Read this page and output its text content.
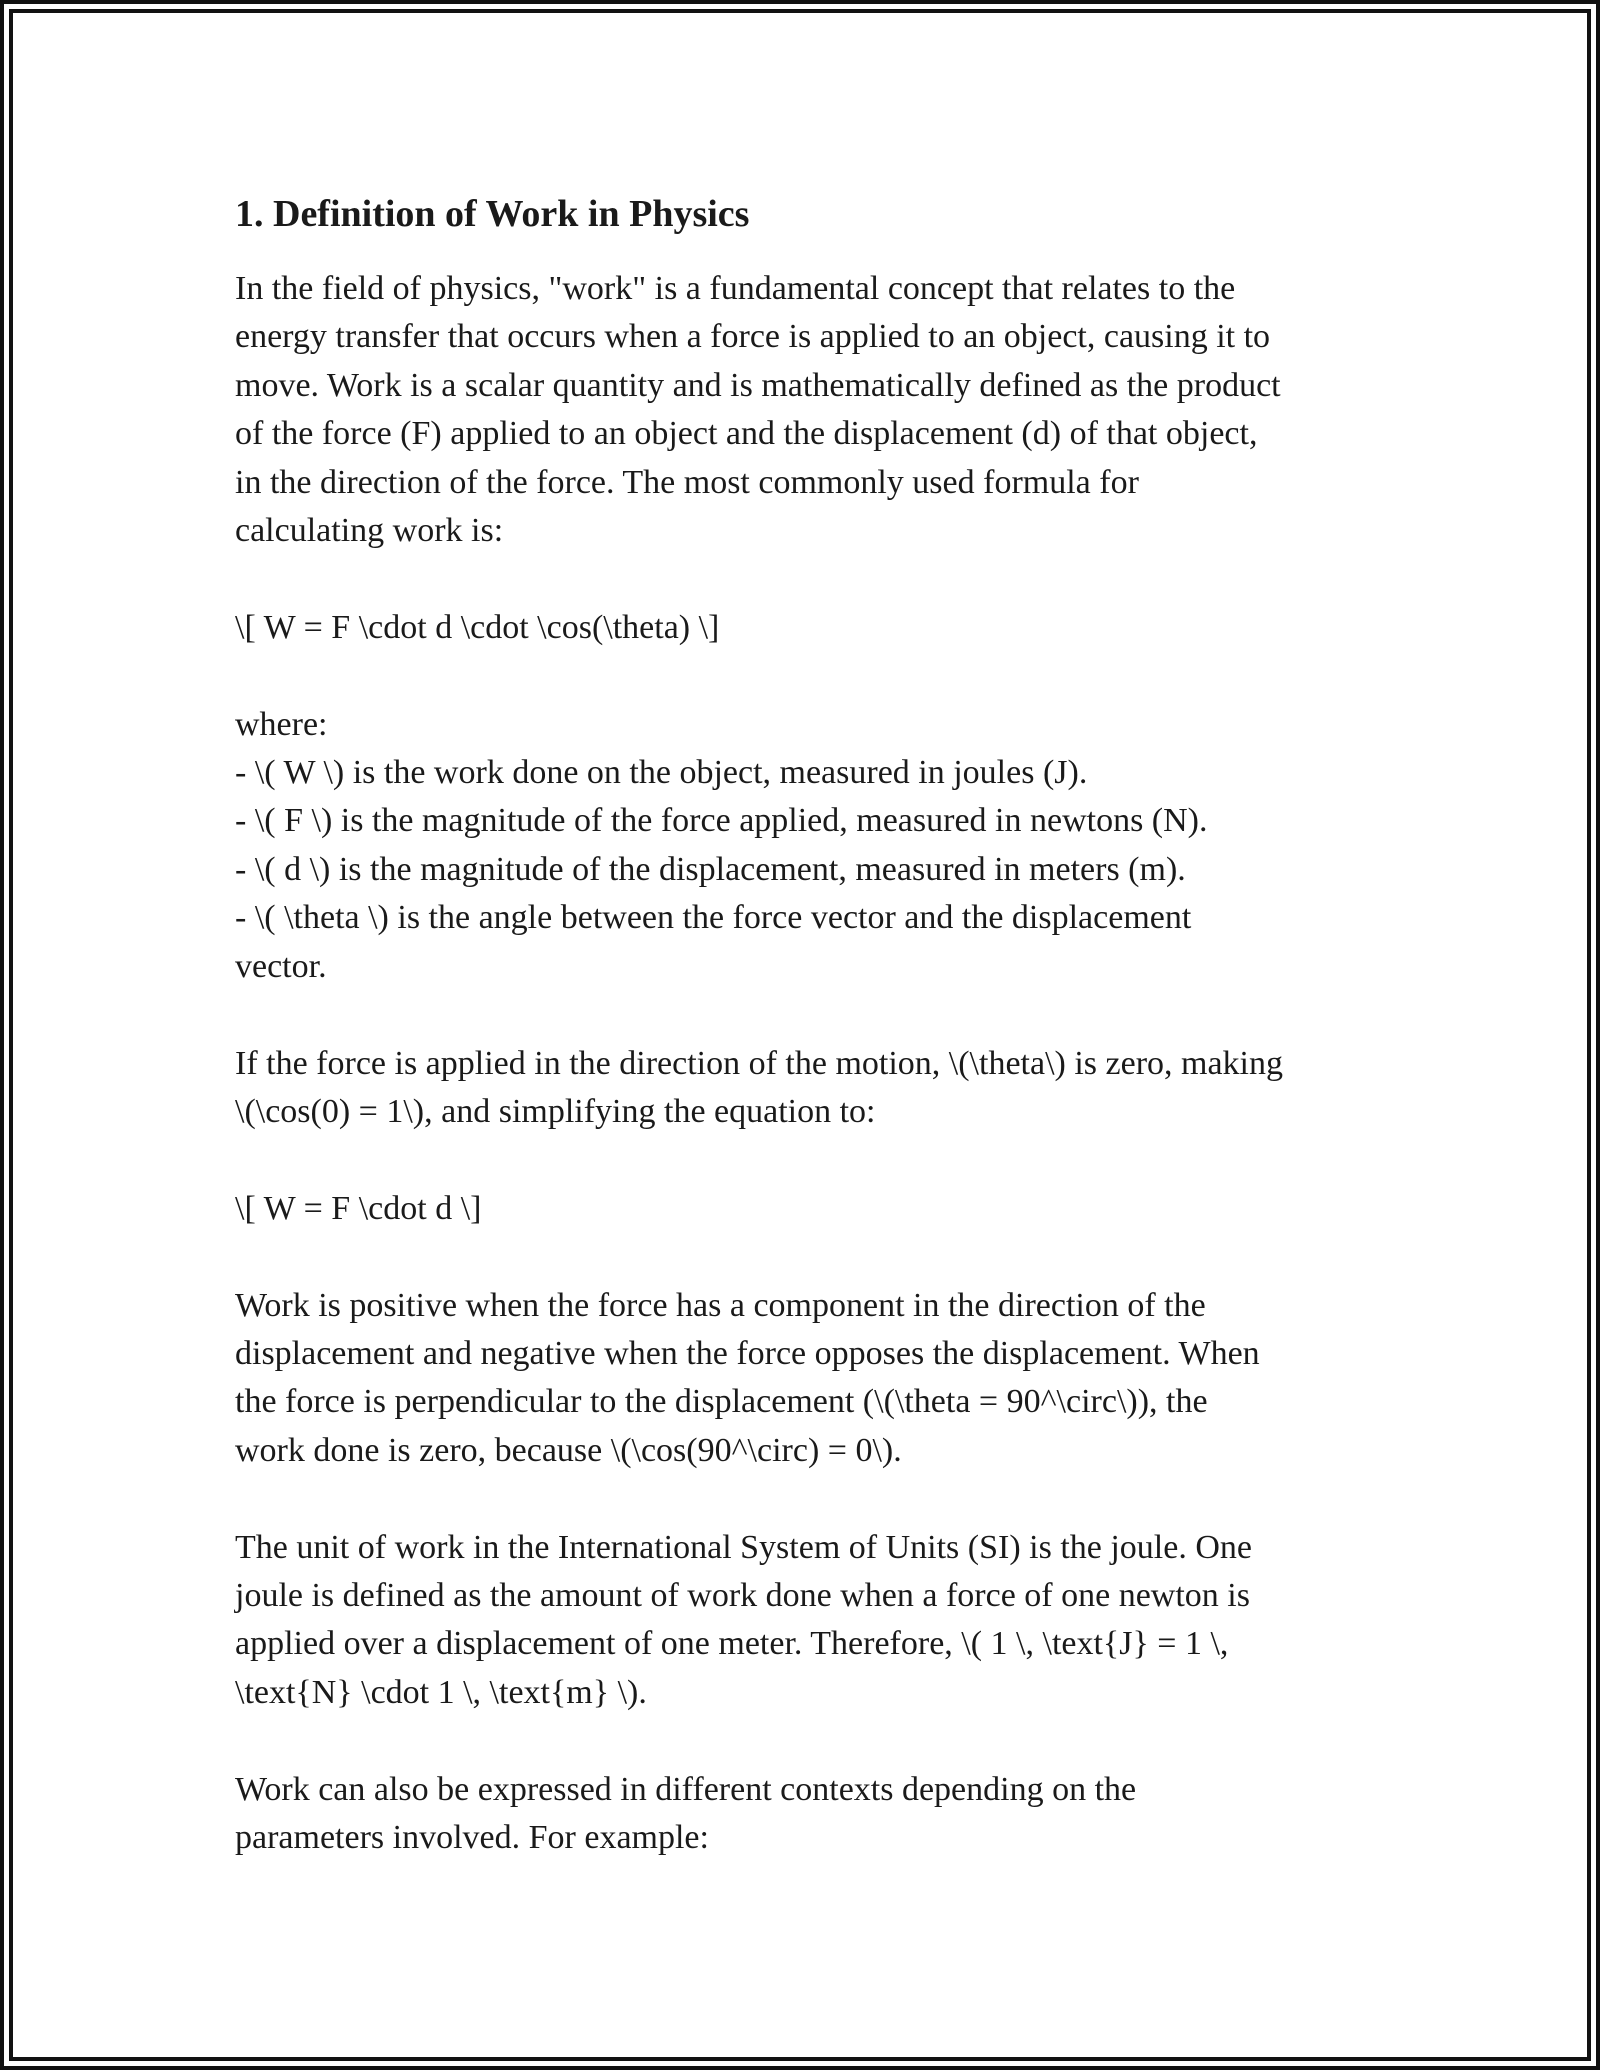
1. Definition of Work in Physics

In the field of physics, "work" is a fundamental concept that relates to the
energy transfer that occurs when a force is applied to an object, causing it to
move. Work is a scalar quantity and is mathematically defined as the product
of the force (F) applied to an object and the displacement (d) of that object,
in the direction of the force. The most commonly used formula for
calculating work is:

\[ W = F \cdot d \cdot \cos(\theta) \]

where:
- \( W \) is the work done on the object, measured in joules (J).
- \( F \) is the magnitude of the force applied, measured in newtons (N).
- \( d \) is the magnitude of the displacement, measured in meters (m).
- \( \theta \) is the angle between the force vector and the displacement
vector.

If the force is applied in the direction of the motion, \(\theta\) is zero, making
\(\cos(0) = 1\), and simplifying the equation to:

\[ W = F \cdot d \]

Work is positive when the force has a component in the direction of the
displacement and negative when the force opposes the displacement. When
the force is perpendicular to the displacement (\(\theta = 90^\circ\)), the
work done is zero, because \(\cos(90^\circ) = 0\).

The unit of work in the International System of Units (SI) is the joule. One
joule is defined as the amount of work done when a force of one newton is
applied over a displacement of one meter. Therefore, \( 1 \, \text{J} = 1 \,
\text{N} \cdot 1 \, \text{m} \).

Work can also be expressed in different contexts depending on the
parameters involved. For example:
